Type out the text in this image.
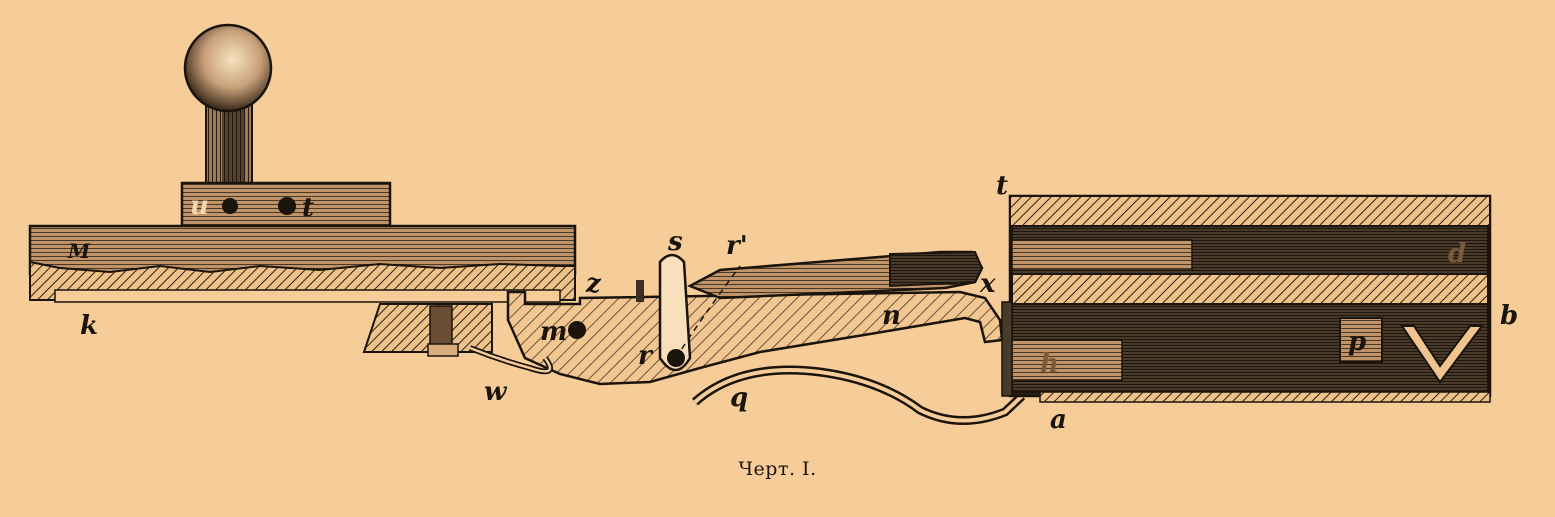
u	t
M
k
z
m
s r'
r
n
x
t
d
b
h
p
a
w	q
Черт. I.
